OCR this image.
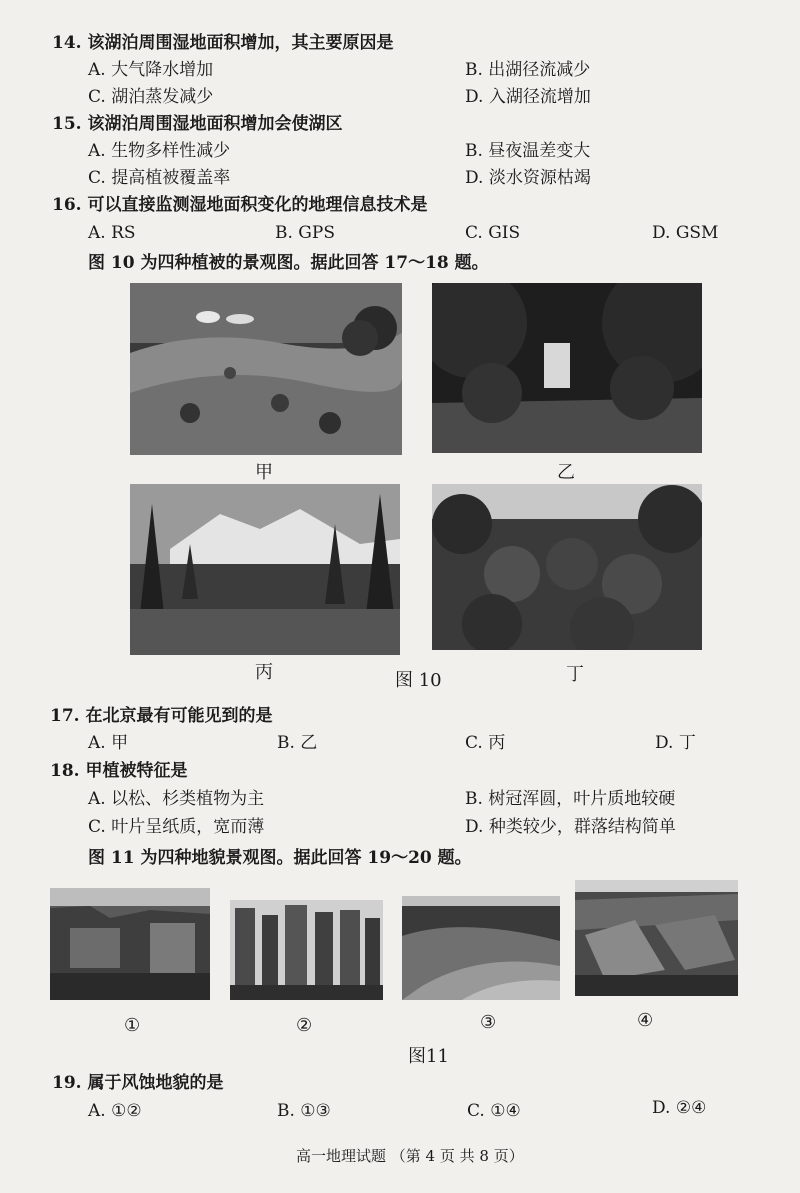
14. 该湖泊周围湿地面积增加，其主要原因是
A. 大气降水增加	B. 出湖径流减少
C. 湖泊蒸发减少	D. 入湖径流增加
15. 该湖泊周围湿地面积增加会使湖区
A. 生物多样性减少	B. 昼夜温差变大
C. 提高植被覆盖率	D. 淡水资源枯竭
16. 可以直接监测湿地面积变化的地理信息技术是
A. RS	B. GPS	C. GIS	D. GSM
图 10 为四种植被的景观图。据此回答 17～18 题。
甲	乙
丙	图 10	丁
17. 在北京最有可能见到的是
A. 甲	B. 乙	C. 丙	D. 丁
18. 甲植被特征是
A. 以松、杉类植物为主	B. 树冠浑圆，叶片质地较硬
C. 叶片呈纸质，宽而薄	D. 种类较少，群落结构简单
图 11 为四种地貌景观图。据此回答 19～20 题。
①	②	③	④
图11
19. 属于风蚀地貌的是
A. ①②	B. ①③	C. ①④	D. ②④
高一地理试题 （第 4 页 共 8 页）
